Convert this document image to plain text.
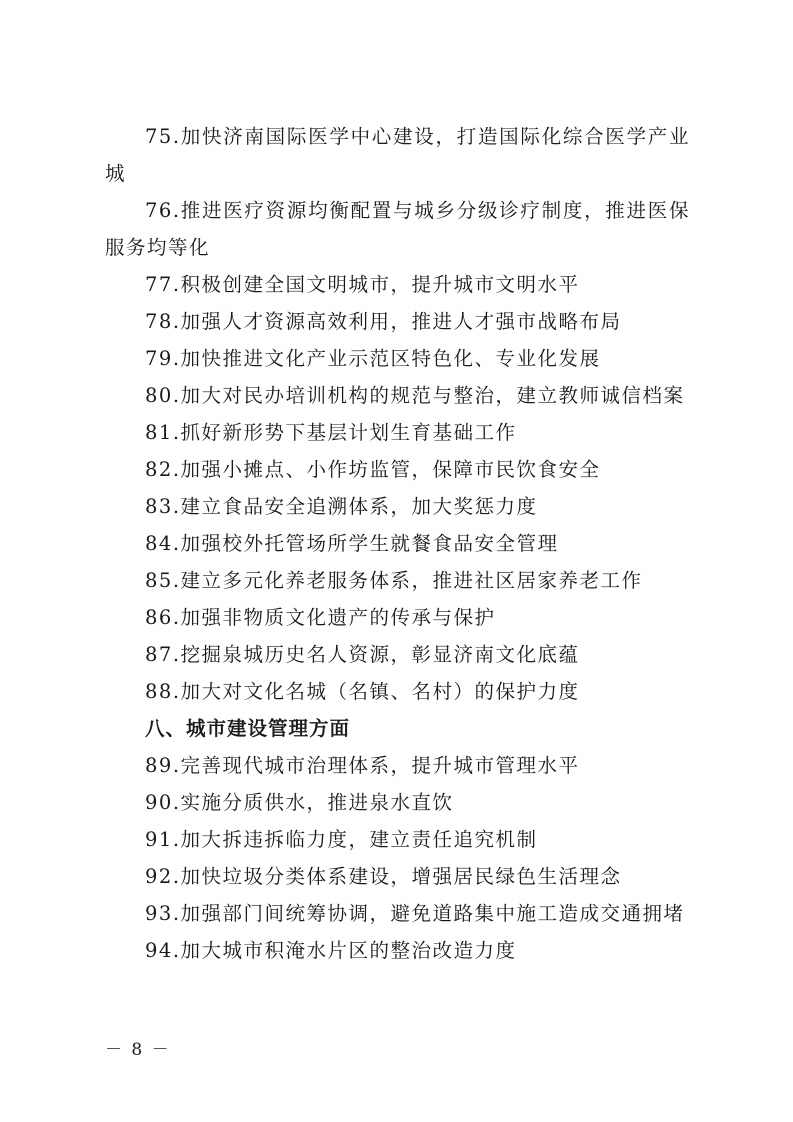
75.加快济南国际医学中心建设，打造国际化综合医学产业城

76.推进医疗资源均衡配置与城乡分级诊疗制度，推进医保服务均等化

77.积极创建全国文明城市，提升城市文明水平

78.加强人才资源高效利用，推进人才强市战略布局

79.加快推进文化产业示范区特色化、专业化发展

80.加大对民办培训机构的规范与整治，建立教师诚信档案

81.抓好新形势下基层计划生育基础工作

82.加强小摊点、小作坊监管，保障市民饮食安全

83.建立食品安全追溯体系，加大奖惩力度

84.加强校外托管场所学生就餐食品安全管理

85.建立多元化养老服务体系，推进社区居家养老工作

86.加强非物质文化遗产的传承与保护

87.挖掘泉城历史名人资源，彰显济南文化底蕴

88.加大对文化名城（名镇、名村）的保护力度

八、城市建设管理方面

89.完善现代城市治理体系，提升城市管理水平

90.实施分质供水，推进泉水直饮

91.加大拆违拆临力度，建立责任追究机制

92.加快垃圾分类体系建设，增强居民绿色生活理念

93.加强部门间统筹协调，避免道路集中施工造成交通拥堵

94.加大城市积淹水片区的整治改造力度

－ 8 －
